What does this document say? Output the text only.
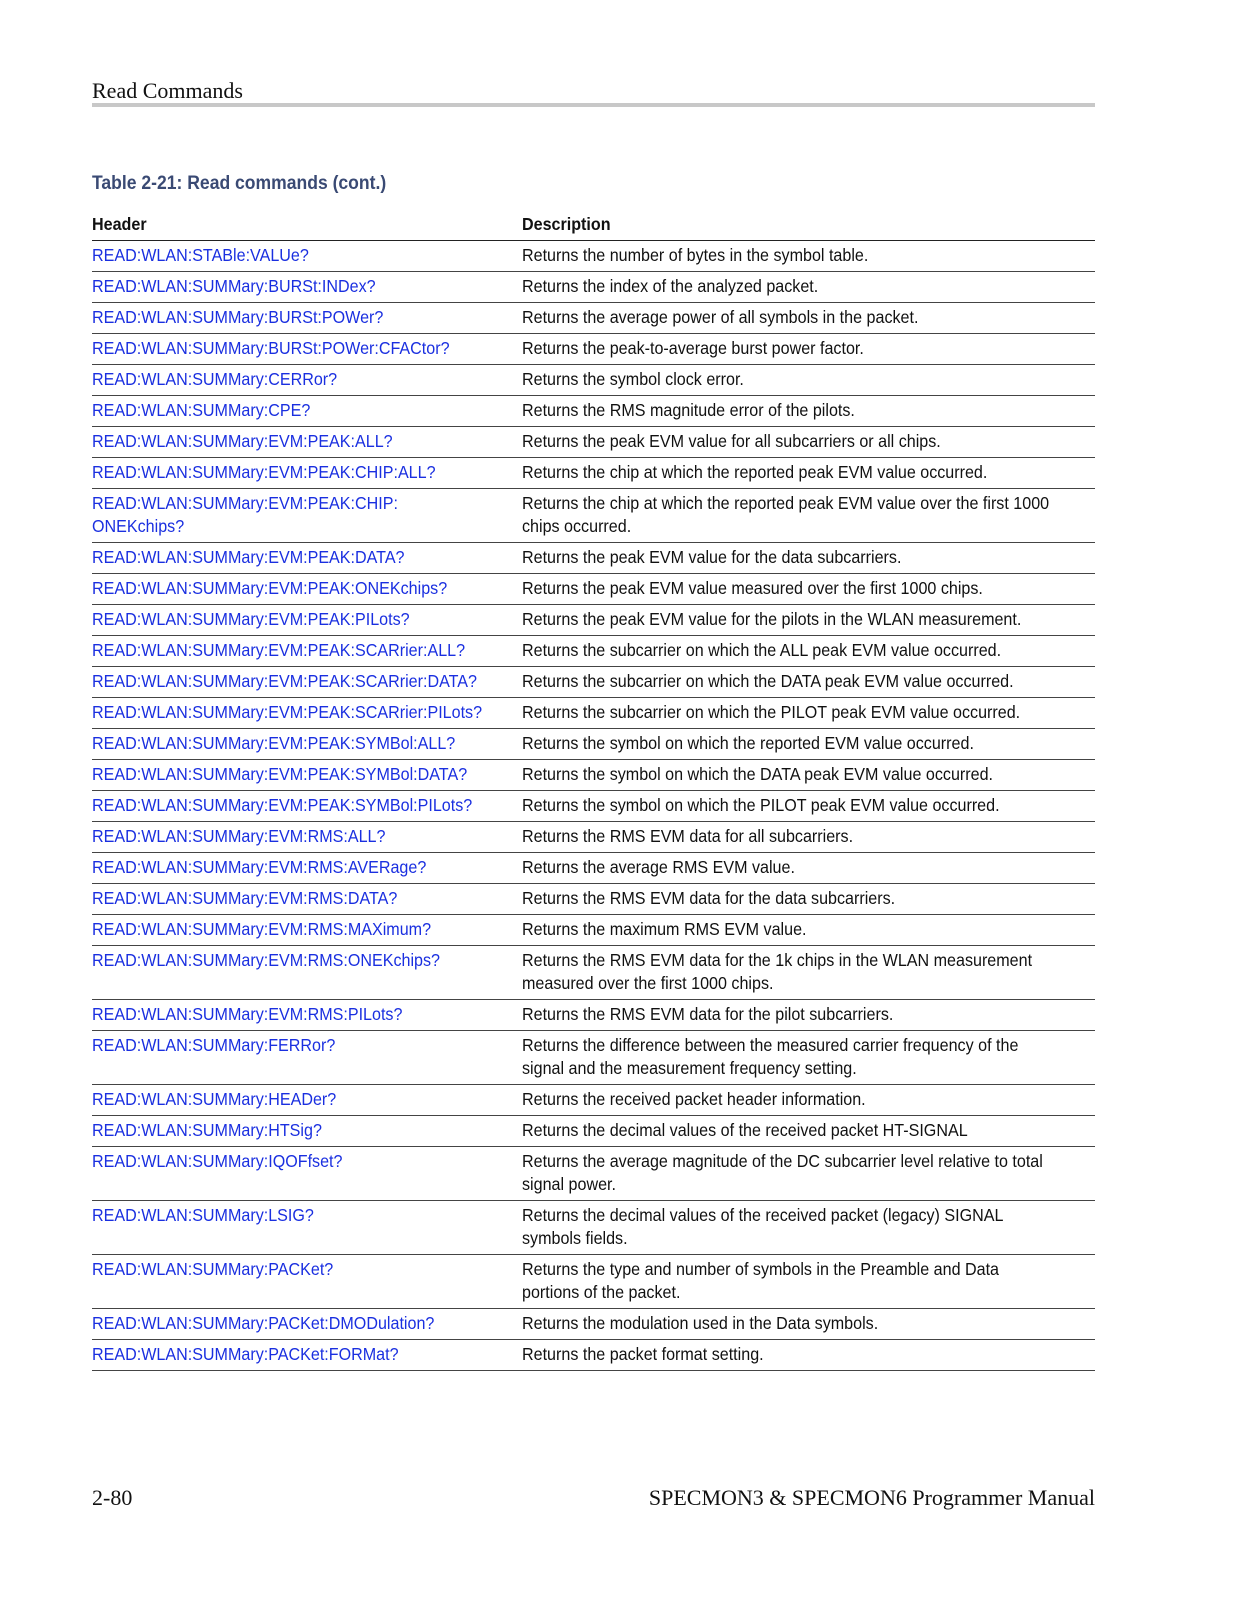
Read Commands
Table 2-21: Read commands (cont.)
Header	Description
READ:WLAN:STABle:VALUe?	Returns the number of bytes in the symbol table.
READ:WLAN:SUMMary:BURSt:INDex?	Returns the index of the analyzed packet.
READ:WLAN:SUMMary:BURSt:POWer?	Returns the average power of all symbols in the packet.
READ:WLAN:SUMMary:BURSt:POWer:CFACtor?	Returns the peak-to-average burst power factor.
READ:WLAN:SUMMary:CERRor?	Returns the symbol clock error.
READ:WLAN:SUMMary:CPE?	Returns the RMS magnitude error of the pilots.
READ:WLAN:SUMMary:EVM:PEAK:ALL?	Returns the peak EVM value for all subcarriers or all chips.
READ:WLAN:SUMMary:EVM:PEAK:CHIP:ALL?	Returns the chip at which the reported peak EVM value occurred.
READ:WLAN:SUMMary:EVM:PEAK:CHIP:ONEKchips?	Returns the chip at which the reported peak EVM value over the first 1000chips occurred.
READ:WLAN:SUMMary:EVM:PEAK:DATA?	Returns the peak EVM value for the data subcarriers.
READ:WLAN:SUMMary:EVM:PEAK:ONEKchips?	Returns the peak EVM value measured over the first 1000 chips.
READ:WLAN:SUMMary:EVM:PEAK:PILots?	Returns the peak EVM value for the pilots in the WLAN measurement.
READ:WLAN:SUMMary:EVM:PEAK:SCARrier:ALL?	Returns the subcarrier on which the ALL peak EVM value occurred.
READ:WLAN:SUMMary:EVM:PEAK:SCARrier:DATA?	Returns the subcarrier on which the DATA peak EVM value occurred.
READ:WLAN:SUMMary:EVM:PEAK:SCARrier:PILots?	Returns the subcarrier on which the PILOT peak EVM value occurred.
READ:WLAN:SUMMary:EVM:PEAK:SYMBol:ALL?	Returns the symbol on which the reported EVM value occurred.
READ:WLAN:SUMMary:EVM:PEAK:SYMBol:DATA?	Returns the symbol on which the DATA peak EVM value occurred.
READ:WLAN:SUMMary:EVM:PEAK:SYMBol:PILots?	Returns the symbol on which the PILOT peak EVM value occurred.
READ:WLAN:SUMMary:EVM:RMS:ALL?	Returns the RMS EVM data for all subcarriers.
READ:WLAN:SUMMary:EVM:RMS:AVERage?	Returns the average RMS EVM value.
READ:WLAN:SUMMary:EVM:RMS:DATA?	Returns the RMS EVM data for the data subcarriers.
READ:WLAN:SUMMary:EVM:RMS:MAXimum?	Returns the maximum RMS EVM value.
READ:WLAN:SUMMary:EVM:RMS:ONEKchips?	Returns the RMS EVM data for the 1k chips in the WLAN measurementmeasured over the first 1000 chips.
READ:WLAN:SUMMary:EVM:RMS:PILots?	Returns the RMS EVM data for the pilot subcarriers.
READ:WLAN:SUMMary:FERRor?	Returns the difference between the measured carrier frequency of thesignal and the measurement frequency setting.
READ:WLAN:SUMMary:HEADer?	Returns the received packet header information.
READ:WLAN:SUMMary:HTSig?	Returns the decimal values of the received packet HT-SIGNAL
READ:WLAN:SUMMary:IQOFfset?	Returns the average magnitude of the DC subcarrier level relative to totalsignal power.
READ:WLAN:SUMMary:LSIG?	Returns the decimal values of the received packet (legacy) SIGNALsymbols fields.
READ:WLAN:SUMMary:PACKet?	Returns the type and number of symbols in the Preamble and Dataportions of the packet.
READ:WLAN:SUMMary:PACKet:DMODulation?	Returns the modulation used in the Data symbols.
READ:WLAN:SUMMary:PACKet:FORMat?	Returns the packet format setting.
2-80	SPECMON3 & SPECMON6 Programmer Manual
